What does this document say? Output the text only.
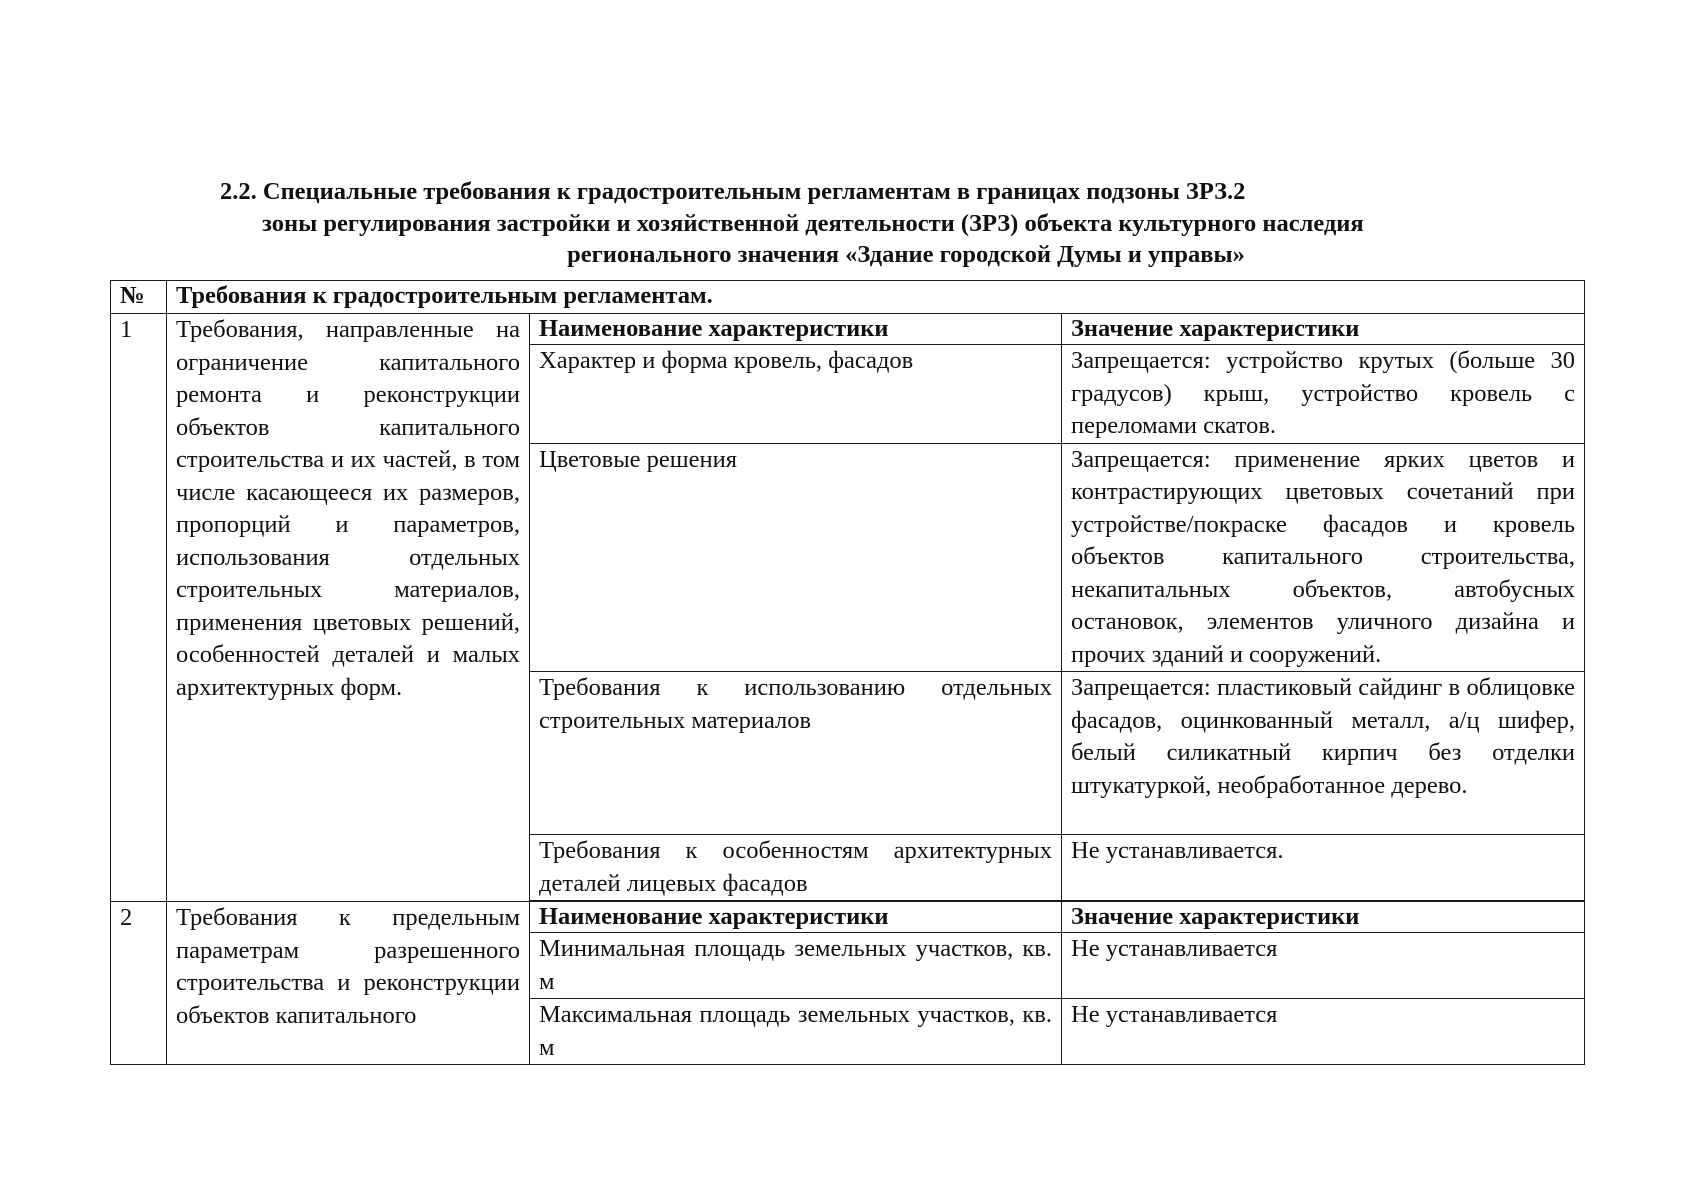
2.2. Специальные требования к градостроительным регламентам в границах подзоны ЗРЗ.2
зоны регулирования застройки и хозяйственной деятельности (ЗРЗ) объекта культурного наследия
регионального значения «Здание городской Думы и управы»
№	Требования к градостроительным регламентам.		
1	Требования, направленные на ограничение капитального ремонта и реконструкции объектов капитального строительства и их частей, в том числе касающееся их размеров, пропорций и параметров, использования отдельных строительных материалов, применения цветовых решений, особенностей деталей и малых архитектурных форм.	Наименование характеристики	Значение характеристики
		Характер и форма кровель, фасадов	Запрещается: устройство крутых (больше 30 градусов) крыш, устройство кровель с переломами скатов.
		Цветовые решения	Запрещается: применение ярких цветов и контрастирующих цветовых сочетаний при устройстве/покраске фасадов и кровель объектов капитального строительства, некапитальных объектов, автобусных остановок, элементов уличного дизайна и прочих зданий и сооружений.
		Требования к использованию отдельных строительных материалов	Запрещается: пластиковый сайдинг в облицовке фасадов, оцинкованный металл, а/ц шифер, белый силикатный кирпич без отделки штукатуркой, необработанное дерево.
		Требования к особенностям архитектурных деталей лицевых фасадов	Не устанавливается.

2	Требования к предельным параметрам разрешенного строительства и реконструкции объектов капитального	Наименование характеристики	Значение характеристики
		Минимальная площадь земельных участков, кв. м	Не устанавливается
		Максимальная площадь земельных участков, кв. м	Не устанавливается
